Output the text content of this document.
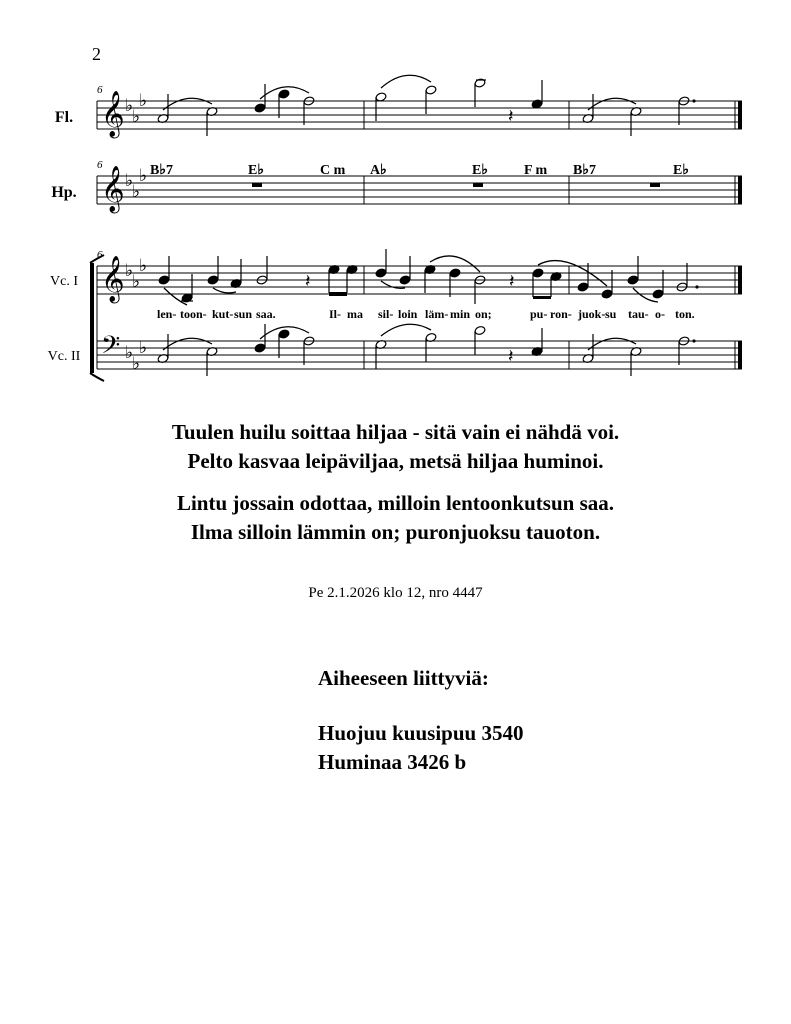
2
Fl.
Hp.
Vc. I
Vc. II
6
6
6
𝄞
𝄞
𝄞
𝄢
♭
♭
♭
♭
♭
♭
♭
♭
♭
♭
♭
♭
B♭7	E♭	C m A♭	E♭	F m B♭7	E♭
𝄽
𝄽	𝄽
len- toon- kut- sun saa.	Il- ma sil- loin läm- min on;	pu- ron- juok- su tau- o- ton.
𝄽
Tuulen huilu soittaa hiljaa - sitä vain ei nähdä voi.
Pelto kasvaa leipäviljaa, metsä hiljaa huminoi.
Lintu jossain odottaa, milloin lentoonkutsun saa.
Ilma silloin lämmin on; puronjuoksu tauoton.
Pe 2.1.2026 klo 12, nro 4447
Aiheeseen liittyviä:
Huojuu kuusipuu 3540
Huminaa 3426 b
